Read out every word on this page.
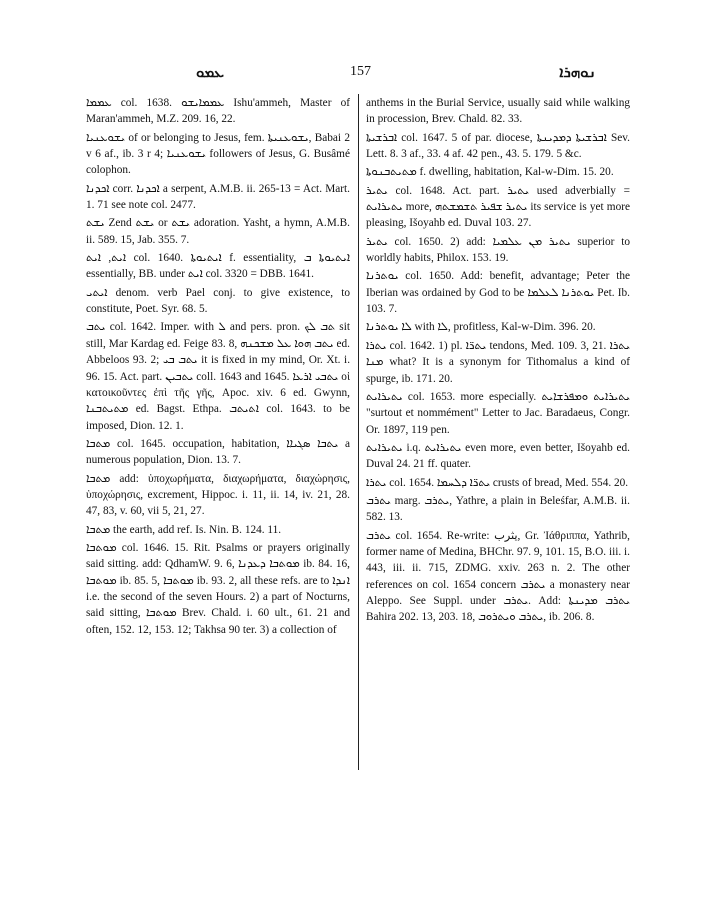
ܥܡܘ	157	ܢܘܗܪܐ

ܥܡܡܐ col. 1638. ܥܡܡܐܝܫܘ Ishu'ammeh, Master of Maran'ammeh, M.Z. 209. 16, 22.

ܝܫܘܥܢܝܐ of or belonging to Jesus, fem. ܝܫܘܥܢܝܬܐ, Babai 2 v 6 af., ib. 3 r 4; ܝܫܘܥܢܝܐ followers of Jesus, G. Busâmé colophon.

ܐܟܕܢܐ corr. ܐܟܕܢܐ a serpent, A.M.B. ii. 265-13 = Act. Mart. 1. 71 see note col. 2477.

ܝܫܬ Zend ܝܫܬ or ܝܫܬ adoration. Yasht, a hymn, A.M.B. ii. 589. 15, Jab. 355. 7.

ܐܝܬ, ܐܝܬ col. 1640. ܐܝܬܝܘܬܐ f. essentiality, ܐܝܬܝܘܬܐ ܒ essentially, BB. under ܐܝܬ col. 3320 = DBB. 1641.

ܐܝܬܝ denom. verb Pael conj. to give existence, to constitute, Poet. Syr. 68. 5.

ܝܬܒ col. 1642. Imper. with ܠ and pers. pron. ܬܒ ܠܟ sit still, Mar Kardag ed. Feige 83. 8, ܝܬܒ ܗܘܐ ܥܠ ܡܫܟܢܗ ed. Abbeloos 93. 2; ܝܬܒ ܒܝ it is fixed in my mind, Or. Xt. i. 96. 15. Act. part. ܝܬܒܝܢ coll. 1643 and 1645. ܝܬܒܝ ܐܪܥܐ οἱ κατοικοῦντες ἐπὶ τῆς γῆς, Apoc. xiv. 6 ed. Gwynn, ܡܬܝܬܒܢܐ ed. Bagst. Ethpa. ܐܬܝܬܒ col. 1643. to be imposed, Dion. 12. 1.

ܡܬܒܐ col. 1645. occupation, habitation, ܝܬܒܐ ܣܓܝܐܐ a numerous population, Dion. 13. 7.

ܡܬܒܐ add: ὑποχωρήματα, διαχωρήματα, διαχώρησις, ὑποχώρησις, excrement, Hippoc. i. 11, ii. 14, iv. 21, 28. 47, 83, v. 60, vii 5, 21, 27.

ܡܬܒܐ the earth, add ref. Is. Nin. B. 124. 11.

ܡܘܬܒܐ col. 1646. 15. Rit. Psalms or prayers originally said sitting. add: QdhamW. 9. 6, ܡܘܬܒܐ ܕܥܕܢܐ ib. 84. 16, ܡܘܬܒܐ ib. 85. 5, ܡܘܬܒܐ ib. 93. 2, all these refs. are to ܐܢܕܐ i.e. the second of the seven Hours. 2) a part of Nocturns, said sitting, ܡܘܬܒܐ Brev. Chald. i. 60 ult., 61. 21 and often, 152. 12, 153. 12; Takhsa 90 ter. 3) a collection of

anthems in the Burial Service, usually said while walking in procession, Brev. Chald. 82. 33.

ܐܒܪܫܝܬܐ col. 1647. 5 of par. diocese, ܐܒܪܫܝܬܐ ܕܡܕܝܢܬܐ Sev. Lett. 8. 3 af., 33. 4 af. 42 pen., 43. 5. 179. 5 &c.

ܡܬܝܬܒܢܘܬܐ f. dwelling, habitation, Kal-w-Dim. 15. 20.

ܝܬܝܪ col. 1648. Act. part. ܝܬܝܪ used adverbially = ܝܬܝܪܐܝܬ more, ܝܬܝܪ ܫܦܝܪ ܬܫܡܫܬܗ its service is yet more pleasing, Išoyahb ed. Duval 103. 27.

ܝܬܝܪ col. 1650. 2) add: ܝܬܝܪ ܡܢ ܥܠܡܝܐ superior to worldly habits, Philox. 153. 19.

ܝܘܬܪܢܐ col. 1650. Add: benefit, advantage; Peter the Iberian was ordained by God to be ܝܘܬܪܢܐ ܠܥܠܡܐ Pet. Ib. 103. 7.

ܠܐ ܝܘܬܪܢܐ with ܠܐ, profitless, Kal-w-Dim. 396. 20.

ܝܬܪܐ col. 1642. 1) pl. ܝܬܪ̈ܐ tendons, Med. 109. 3, 21. ܝܬܪܐ ܡܢܐ what? It is a synonym for Tithomalus a kind of spurge, ib. 171. 20.

ܝܬܝܪܐܝܬ col. 1653. more especially. ܝܬܝܪܐܝܬ ܘܡܦܪܫܐܝܬ "surtout et nommément" Letter to Jac. Baradaeus, Congr. Or. 1897, 119 pen.

ܝܬܝܪܐܝܬ i.q. ܝܬܝܪܐܝܬ even more, even better, Išoyahb ed. Duval 24. 21 ff. quater.

ܝܬܪܐ col. 1654. ܝܬܪ̈ܐ ܕܠܚܡܐ crusts of bread, Med. 554. 20.

ܝܬܪܒ marg. ܝܬܪܒ, Yathre, a plain in Beleśfar, A.M.B. ii. 582. 13.

ܝܬܪܒ col. 1654. Re-write: يثرب, Gr. Ἰάθριππα, Yathrib, former name of Medina, BHChr. 97. 9, 101. 15, B.O. iii. i. 443, iii. ii. 715, ZDMG. xxiv. 263 n. 2. The other references on col. 1654 concern ܝܬܪܒ a monastery near Aleppo. See Suppl. under ܝܬܪܒ. Add: ܝܬܪܒ ܡܕܝܢܬܐ Bahira 202. 13, 203. 18, ܝܬܪܒ ܘܝܬܪܘܒ, ib. 206. 8.
